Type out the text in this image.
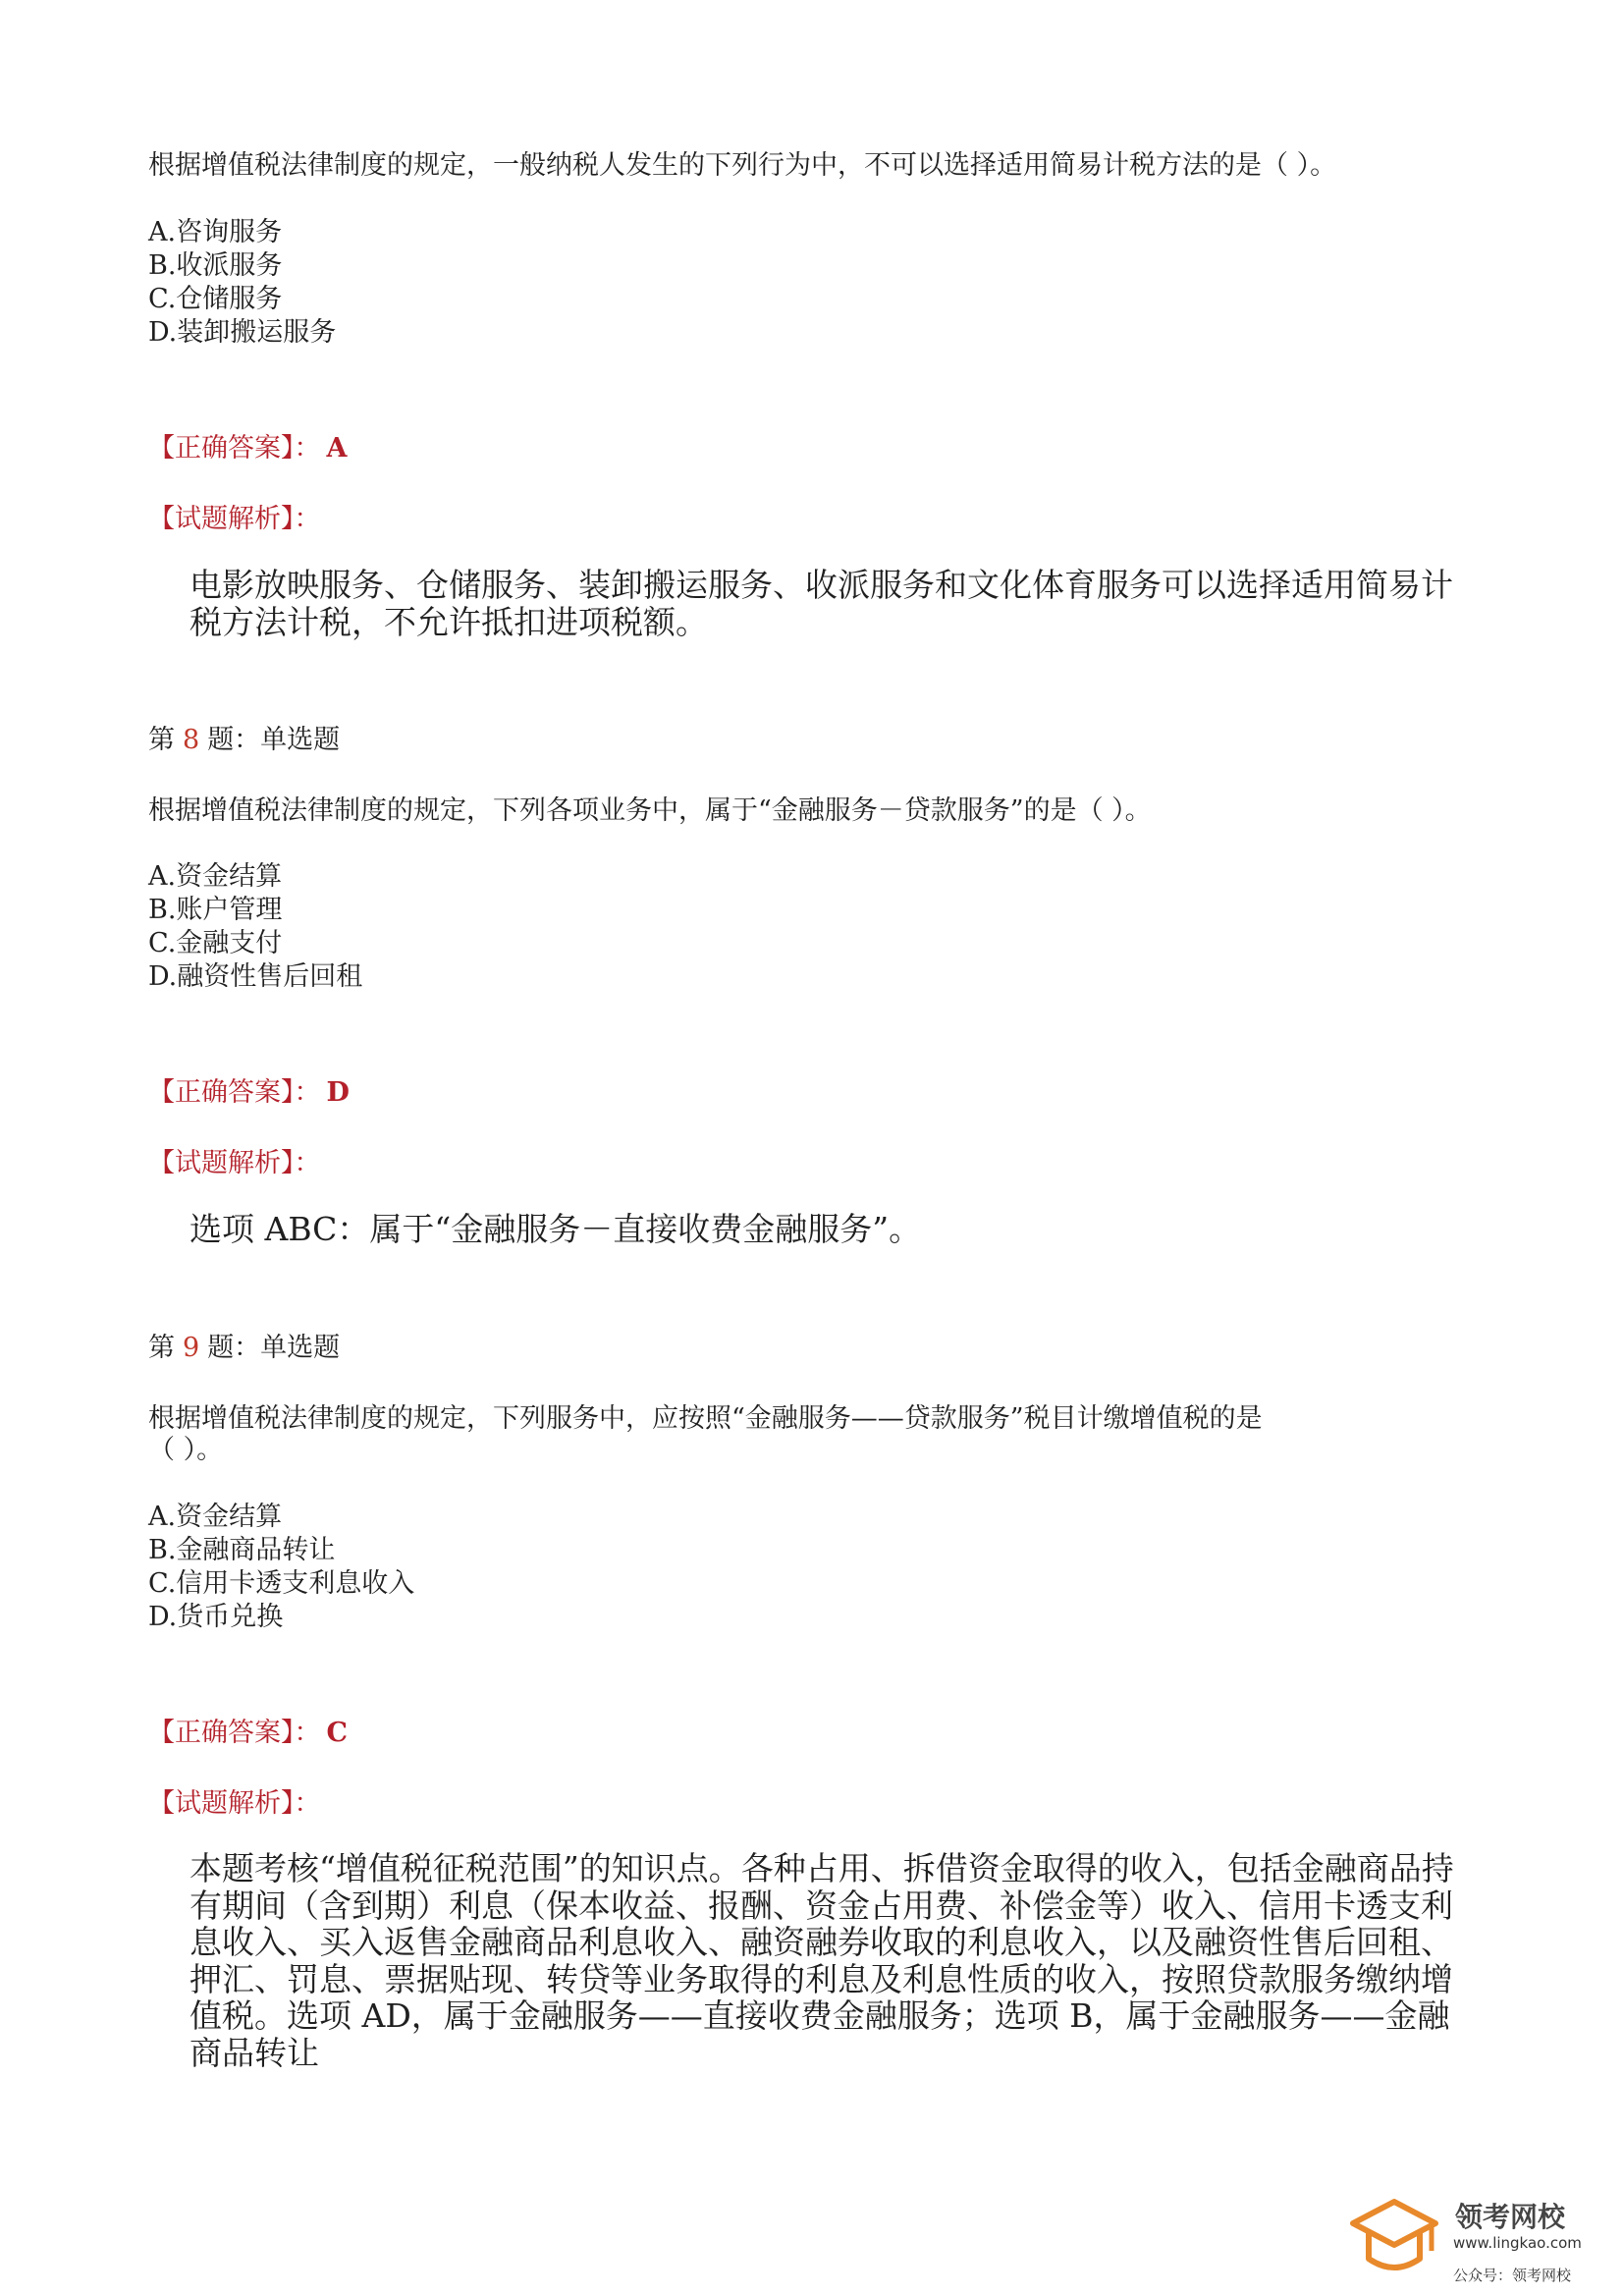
根据增值税法律制度的规定，一般纳税人发生的下列行为中，不可以选择适用简易计税方法的是（ ）。
A.咨询服务
B.收派服务
C.仓储服务
D.装卸搬运服务
【正确答案】： A
【试题解析】：
电影放映服务、仓储服务、装卸搬运服务、收派服务和文化体育服务可以选择适用简易计税方法计税，不允许抵扣进项税额。
第 8 题：单选题
根据增值税法律制度的规定，下列各项业务中，属于“金融服务－贷款服务”的是（ ）。
A.资金结算
B.账户管理
C.金融支付
D.融资性售后回租
【正确答案】： D
【试题解析】：
选项 ABC：属于“金融服务－直接收费金融服务”。
第 9 题：单选题
根据增值税法律制度的规定，下列服务中，应按照“金融服务——贷款服务”税目计缴增值税的是
（ ）。
A.资金结算
B.金融商品转让
C.信用卡透支利息收入
D.货币兑换
【正确答案】： C
【试题解析】：
本题考核“增值税征税范围”的知识点。各种占用、拆借资金取得的收入，包括金融商品持有期间（含到期）利息（保本收益、报酬、资金占用费、补偿金等）收入、信用卡透支利息收入、买入返售金融商品利息收入、融资融券收取的利息收入，以及融资性售后回租、押汇、罚息、票据贴现、转贷等业务取得的利息及利息性质的收入，按照贷款服务缴纳增值税。选项 AD，属于金融服务——直接收费金融服务；选项 B，属于金融服务——金融商品转让
领考网校
www.lingkao.com
公众号：领考网校
